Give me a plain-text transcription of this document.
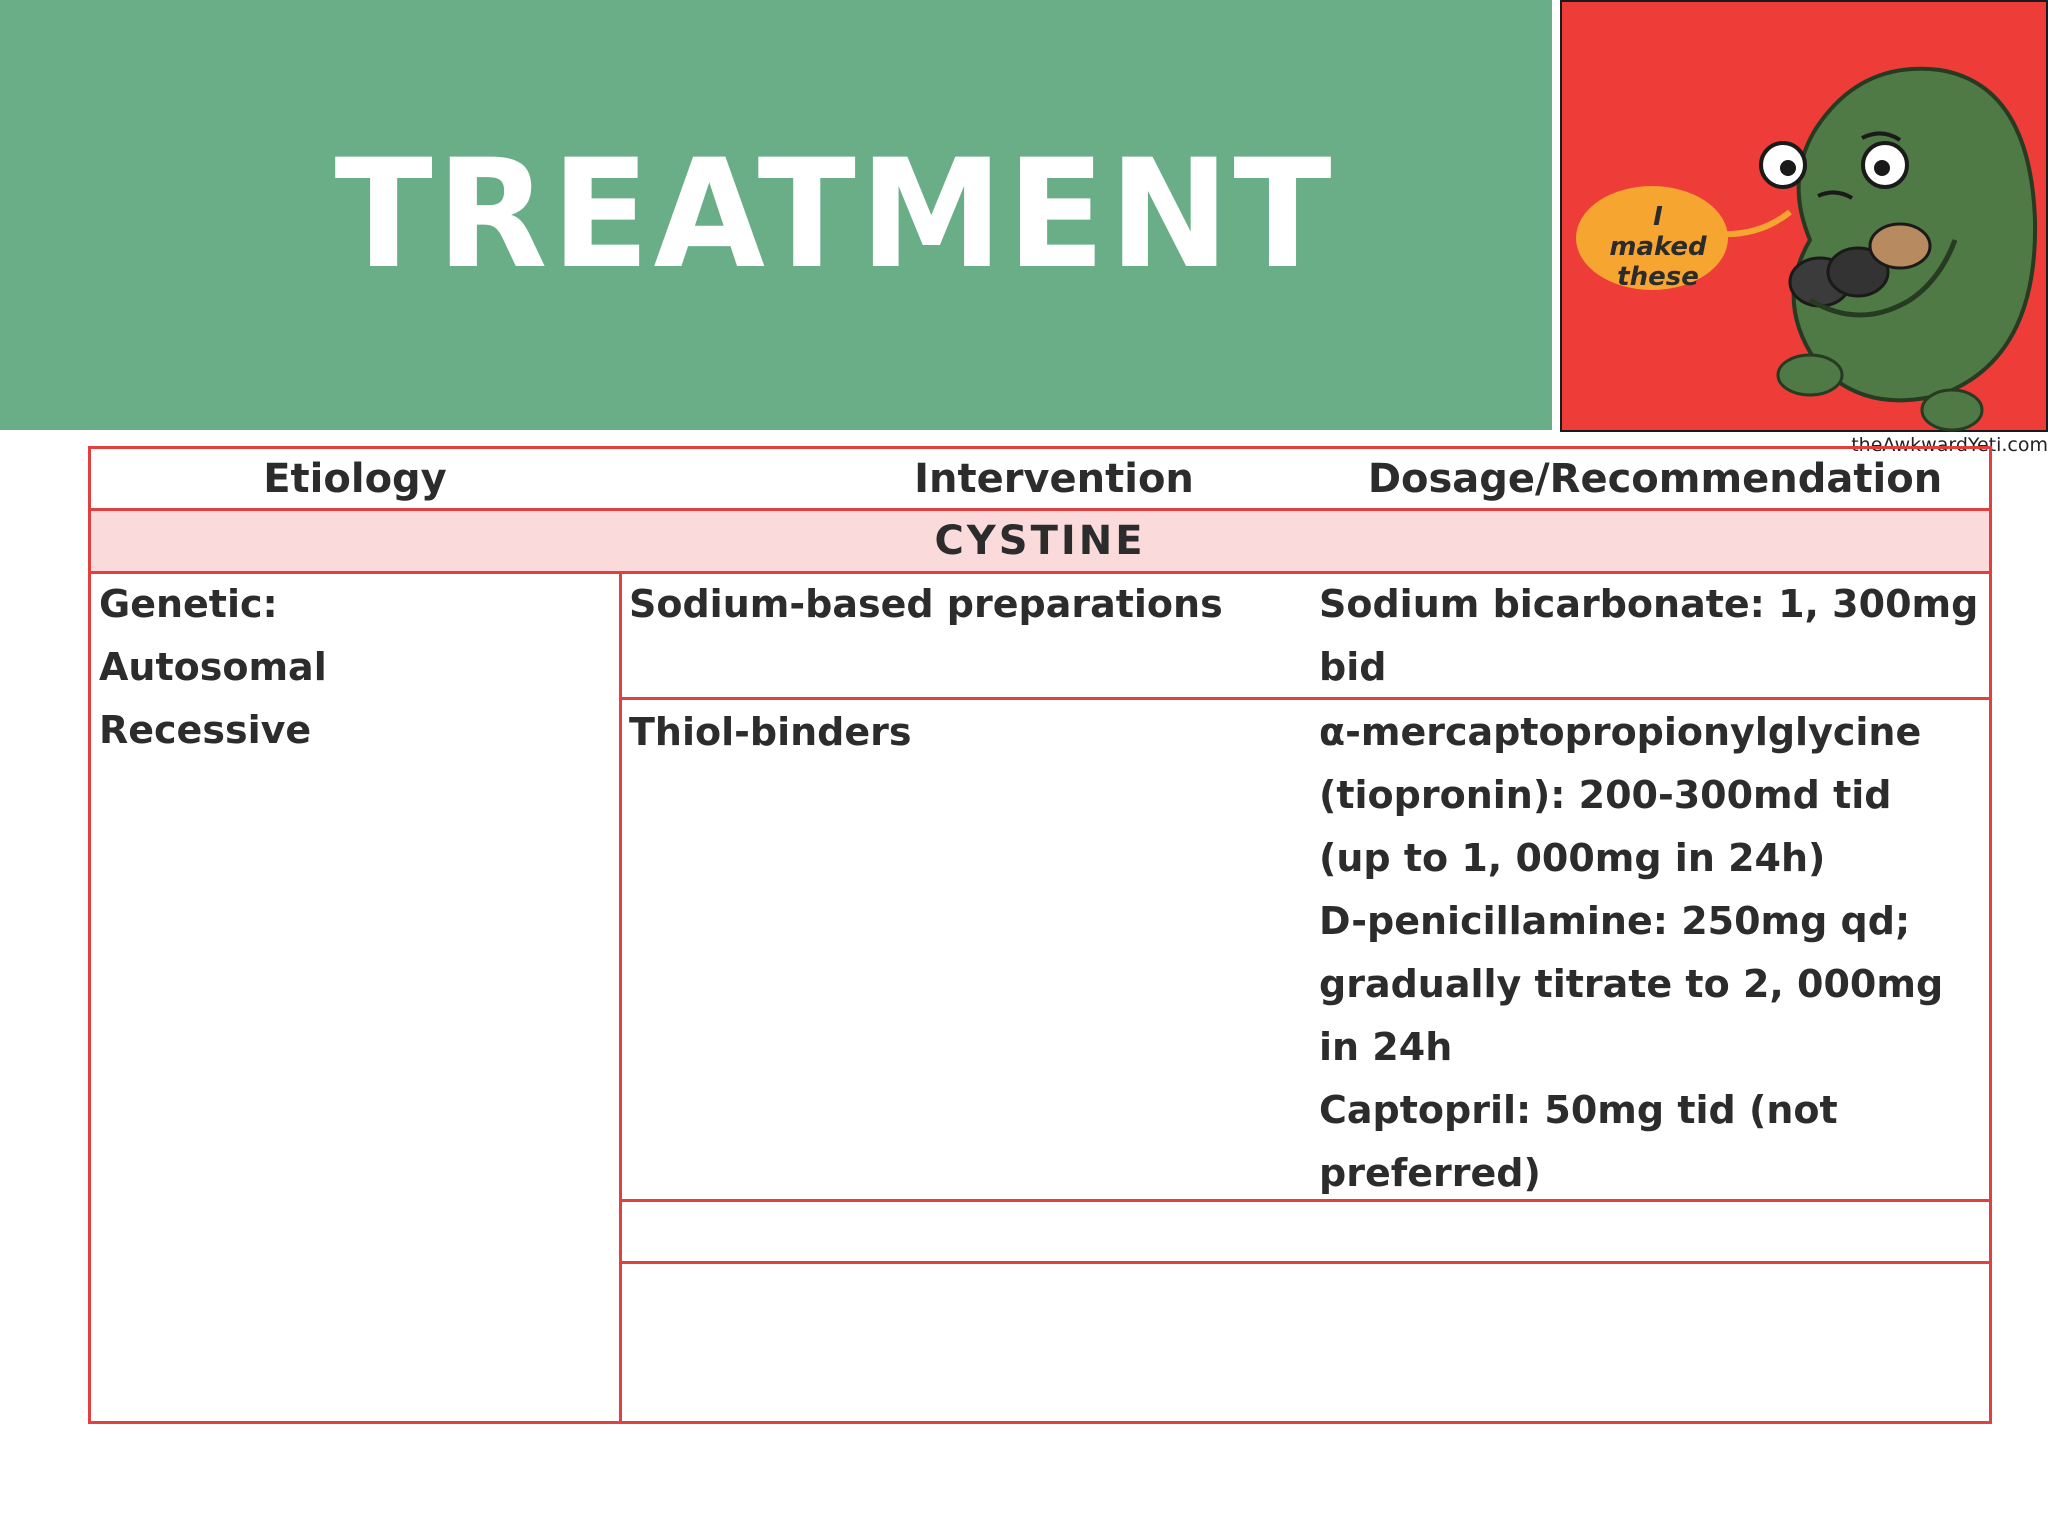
TREATMENT	I maked
these
theAwkwardYeti.com
Etiology	Intervention	Dosage/Recommendation
CYSTINE
Genetic:
Autosomal
Recessive
Sodium-based preparations	Sodium bicarbonate: 1, 300mg
bid
Thiol-binders	α-mercaptopropionylglycine
(tiopronin): 200-300md tid
(up to 1, 000mg in 24h)
D-penicillamine: 250mg qd;
gradually titrate to 2, 000mg
in 24h
Captopril: 50mg tid (not
preferred)
